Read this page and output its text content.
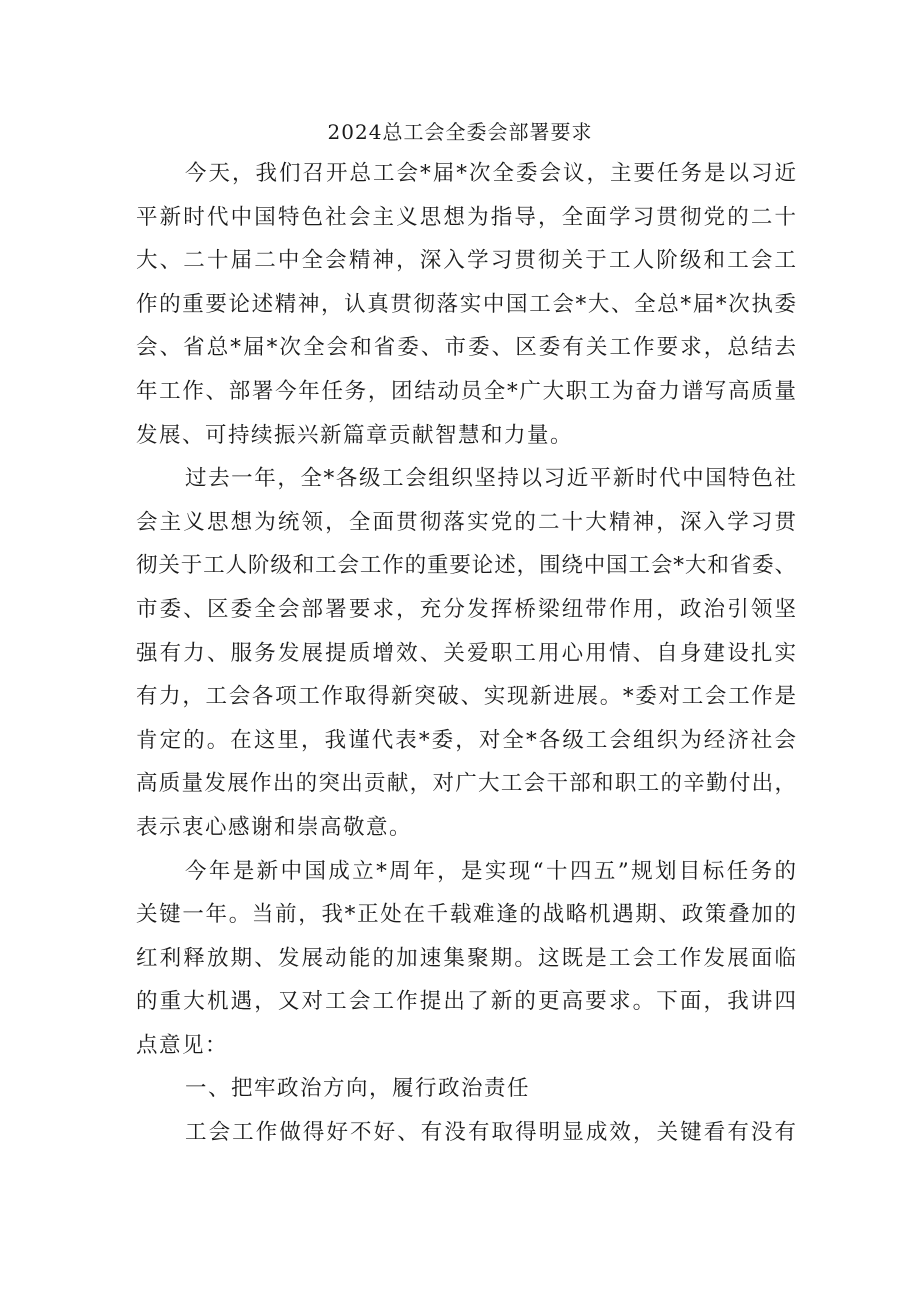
2024总工会全委会部署要求
今天，我们召开总工会*届*次全委会议，主要任务是以习近
平新时代中国特色社会主义思想为指导，全面学习贯彻党的二十
大、二十届二中全会精神，深入学习贯彻关于工人阶级和工会工
作的重要论述精神，认真贯彻落实中国工会*大、全总*届*次执委
会、省总*届*次全会和省委、市委、区委有关工作要求，总结去
年工作、部署今年任务，团结动员全*广大职工为奋力谱写高质量
发展、可持续振兴新篇章贡献智慧和力量。
过去一年，全*各级工会组织坚持以习近平新时代中国特色社
会主义思想为统领，全面贯彻落实党的二十大精神，深入学习贯
彻关于工人阶级和工会工作的重要论述，围绕中国工会*大和省委、
市委、区委全会部署要求，充分发挥桥梁纽带作用，政治引领坚
强有力、服务发展提质增效、关爱职工用心用情、自身建设扎实
有力，工会各项工作取得新突破、实现新进展。*委对工会工作是
肯定的。在这里，我谨代表*委，对全*各级工会组织为经济社会
高质量发展作出的突出贡献，对广大工会干部和职工的辛勤付出，
表示衷心感谢和崇高敬意。
今年是新中国成立*周年，是实现“十四五”规划目标任务的
关键一年。当前，我*正处在千载难逢的战略机遇期、政策叠加的
红利释放期、发展动能的加速集聚期。这既是工会工作发展面临
的重大机遇，又对工会工作提出了新的更高要求。下面，我讲四
点意见：
一、把牢政治方向，履行政治责任
工会工作做得好不好、有没有取得明显成效，关键看有没有
